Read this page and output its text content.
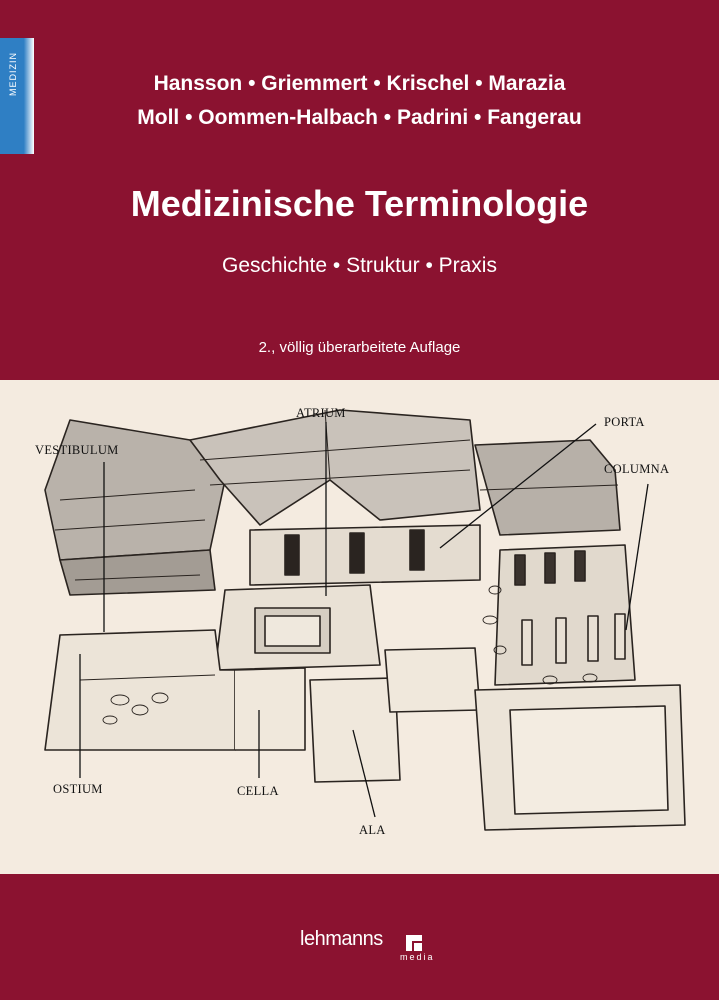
MEDIZIN	Hansson • Griemmert • Krischel • Marazia
Moll • Oommen-Halbach • Padrini • Fangerau
Medizinische Terminologie
Geschichte • Struktur • Praxis
2., völlig überarbeitete Auflage
ATRIUM
PORTA
VESTIBULUM
COLUMNA
OSTIUM	CELLA
ALA
lehmanns
media
